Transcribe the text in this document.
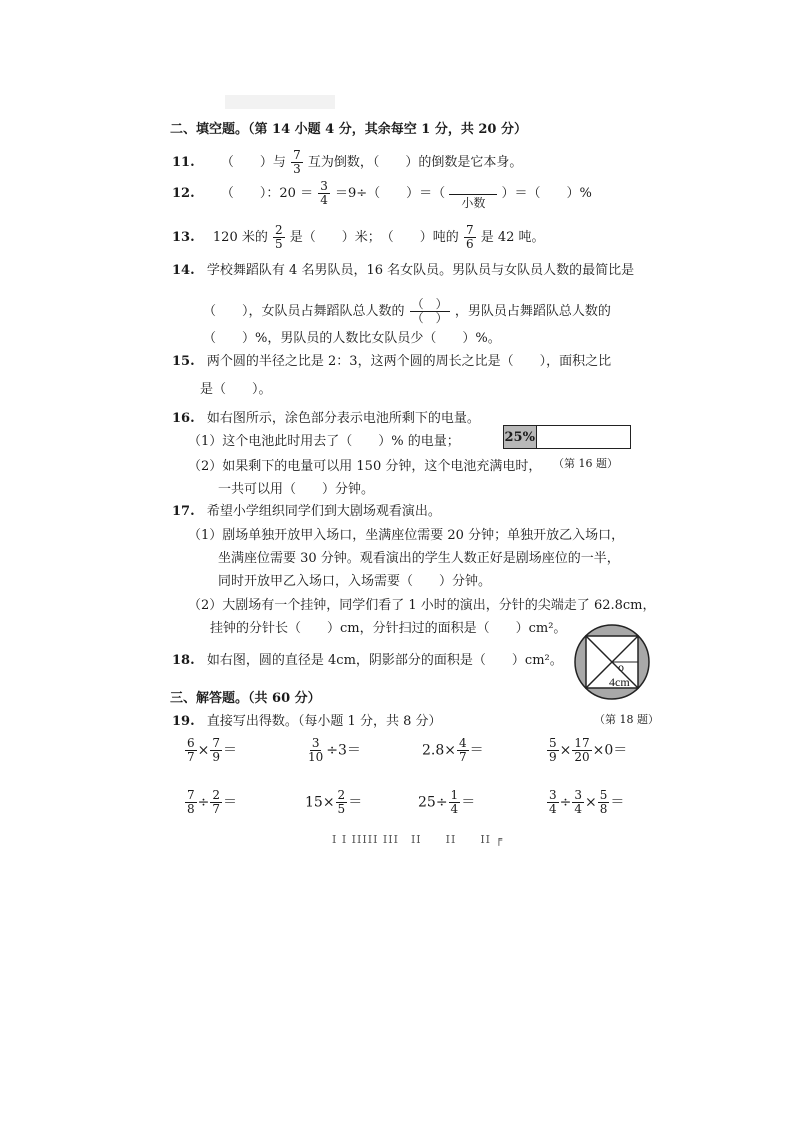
二、填空题。（第 14 小题 4 分，其余每空 1 分，共 20 分）
11. （　　）与 $\frac{7}{3}$ 互为倒数，（　　）的倒数是它本身。
12. （　　）：$20 = \frac{3}{4} =9\div$（　　）＝（
小数
）＝（　　）%
13. 120 米的 $\frac{2}{5}$ 是（　　）米；　（　　）吨的 $\frac{7}{6}$ 是 42 吨。
14. 学校舞蹈队有 4 名男队员，16 名女队员。男队员与女队员人数的最简比是
（　　），女队员占舞蹈队总人数的 $\frac{( )}{( )}$ ，男队员占舞蹈队总人数的
（　　）%，男队员的人数比女队员少（　　）%。
15. 两个圆的半径之比是 2：3，这两个圆的周长之比是（　　），面积之比
是（　　）。
16. 如右图所示，涂色部分表示电池所剩下的电量。
（1）这个电池此时用去了（　　）% 的电量；
（2）如果剩下的电量可以用 150 分钟，这个电池充满电时，
一共可以用（　　）分钟。
25%
（第 16 题）
17. 希望小学组织同学们到大剧场观看演出。
（1）剧场单独开放甲入场口，坐满座位需要 20 分钟；单独开放乙入场口，
坐满座位需要 30 分钟。观看演出的学生人数正好是剧场座位的一半，
同时开放甲乙入场口，入场需要（　　）分钟。
（2）大剧场有一个挂钟，同学们看了 1 小时的演出，分针的尖端走了 62.8cm，
挂钟的分针长（　　）cm，分针扫过的面积是（　　）cm²。
18. 如右图，圆的直径是 4cm，阴影部分的面积是（　　）cm²。	o
4cm
（第 18 题）
三、解答题。（共 60 分）
19. 直接写出得数。（每小题 1 分，共 8 分）
$\frac{6}{7} \times \frac{7}{9}$ ＝	$\frac{3}{10} \div 3=$	$2.8\times \frac{4}{7}$ ＝	$\frac{5}{9} \times \frac{17}{20} \times 0=$
$\frac{7}{8} \div \frac{2}{7}$ ＝	$15\times \frac{2}{5}$ ＝	$25\div \frac{1}{4}$ ＝	$\frac{3}{4} \div \frac{3}{4} \times \frac{5}{8}$ ＝
I I IIIII III　II　　II　　II ╒
